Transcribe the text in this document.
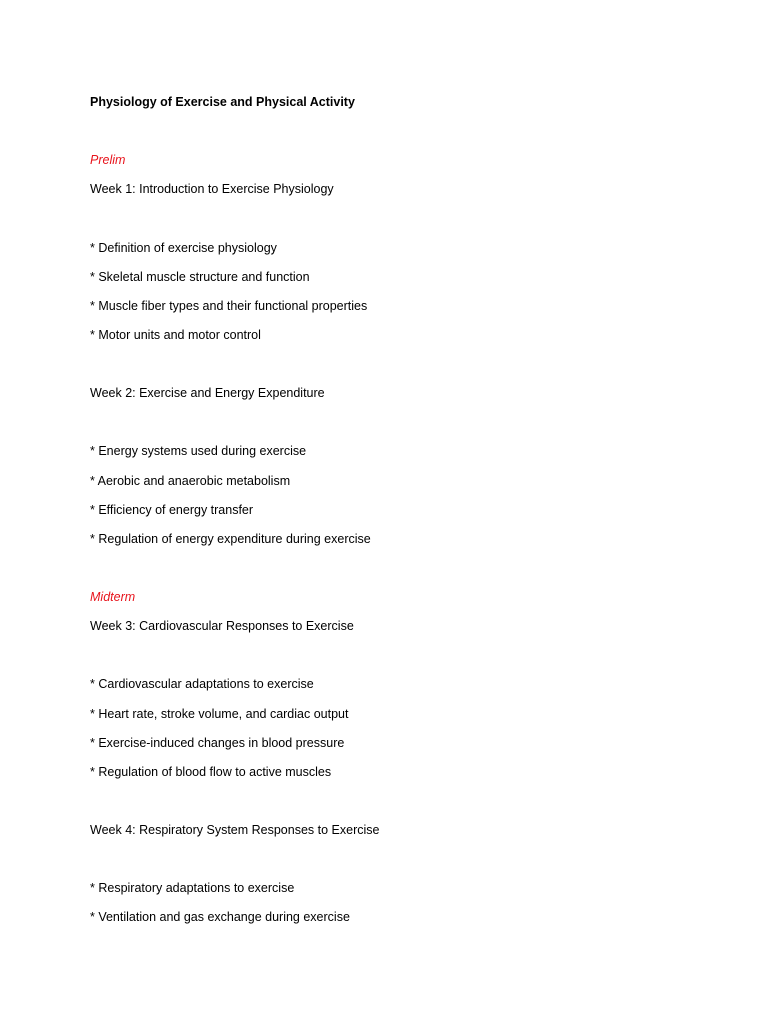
Physiology of Exercise and Physical Activity
Prelim
Week 1: Introduction to Exercise Physiology
* Definition of exercise physiology
* Skeletal muscle structure and function
* Muscle fiber types and their functional properties
* Motor units and motor control
Week 2: Exercise and Energy Expenditure
* Energy systems used during exercise
* Aerobic and anaerobic metabolism
* Efficiency of energy transfer
* Regulation of energy expenditure during exercise
Midterm
Week 3: Cardiovascular Responses to Exercise
* Cardiovascular adaptations to exercise
* Heart rate, stroke volume, and cardiac output
* Exercise-induced changes in blood pressure
* Regulation of blood flow to active muscles
Week 4: Respiratory System Responses to Exercise
* Respiratory adaptations to exercise
* Ventilation and gas exchange during exercise
